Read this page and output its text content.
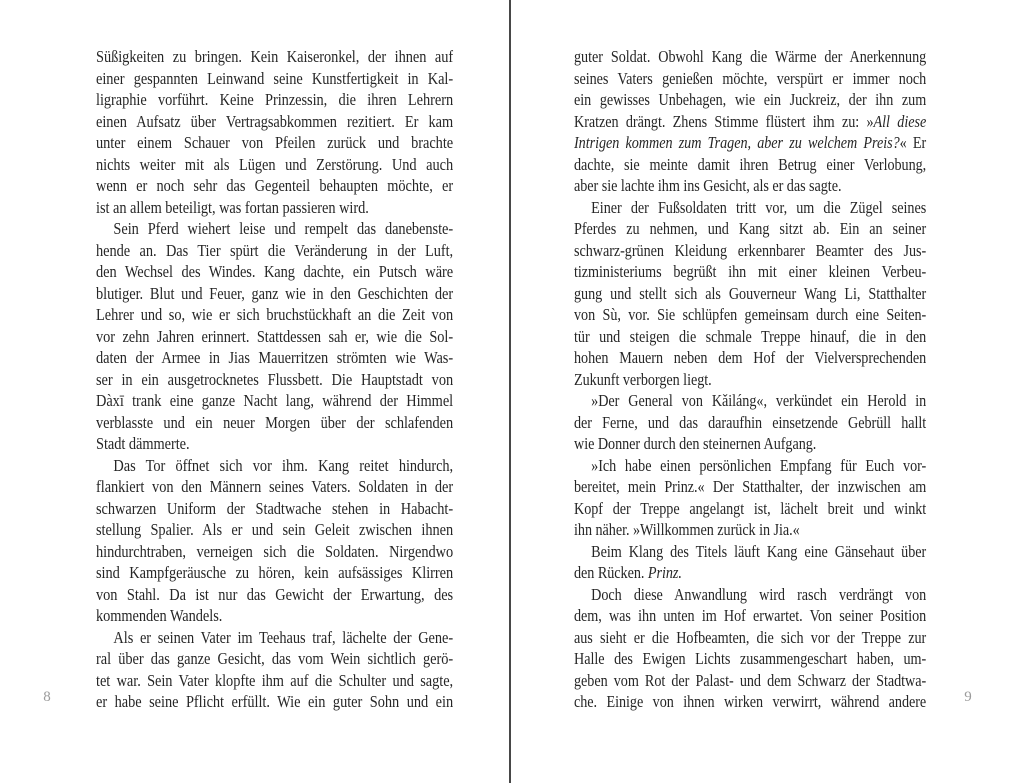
8
Süßigkeiten zu bringen. Kein Kaiseronkel, der ihnen auf
einer gespannten Leinwand seine Kunstfertigkeit in Kal-
ligraphie vorführt. Keine Prinzessin, die ihren Lehrern
einen Aufsatz über Vertragsabkommen rezitiert. Er kam
unter einem Schauer von Pfeilen zurück und brachte
nichts weiter mit als Lügen und Zerstörung. Und auch
wenn er noch sehr das Gegenteil behaupten möchte, er
ist an allem beteiligt, was fortan passieren wird.
Sein Pferd wiehert leise und rempelt das danebenste-
hende an. Das Tier spürt die Veränderung in der Luft,
den Wechsel des Windes. Kang dachte, ein Putsch wäre
blutiger. Blut und Feuer, ganz wie in den Geschichten der
Lehrer und so, wie er sich bruchstückhaft an die Zeit von
vor zehn Jahren erinnert. Stattdessen sah er, wie die Sol-
daten der Armee in Jias Mauerritzen strömten wie Was-
ser in ein ausgetrocknetes Flussbett. Die Hauptstadt von
Dàxī trank eine ganze Nacht lang, während der Himmel
verblasste und ein neuer Morgen über der schlafenden
Stadt dämmerte.
Das Tor öffnet sich vor ihm. Kang reitet hindurch,
flankiert von den Männern seines Vaters. Soldaten in der
schwarzen Uniform der Stadtwache stehen in Habacht-
stellung Spalier. Als er und sein Geleit zwischen ihnen
hindurchtraben, verneigen sich die Soldaten. Nirgendwo
sind Kampfgeräusche zu hören, kein aufsässiges Klirren
von Stahl. Da ist nur das Gewicht der Erwartung, des
kommenden Wandels.
Als er seinen Vater im Teehaus traf, lächelte der Gene-
ral über das ganze Gesicht, das vom Wein sichtlich gerö-
tet war. Sein Vater klopfte ihm auf die Schulter und sagte,
er habe seine Pflicht erfüllt. Wie ein guter Sohn und ein	9
guter Soldat. Obwohl Kang die Wärme der Anerkennung
seines Vaters genießen möchte, verspürt er immer noch
ein gewisses Unbehagen, wie ein Juckreiz, der ihn zum
Kratzen drängt. Zhens Stimme flüstert ihm zu: »All diese
Intrigen kommen zum Tragen, aber zu welchem Preis?« Er
dachte, sie meinte damit ihren Betrug einer Verlobung,
aber sie lachte ihm ins Gesicht, als er das sagte.
Einer der Fußsoldaten tritt vor, um die Zügel seines
Pferdes zu nehmen, und Kang sitzt ab. Ein an seiner
schwarz-grünen Kleidung erkennbarer Beamter des Jus-
tizministeriums begrüßt ihn mit einer kleinen Verbeu-
gung und stellt sich als Gouverneur Wang Li, Statthalter
von Sù, vor. Sie schlüpfen gemeinsam durch eine Seiten-
tür und steigen die schmale Treppe hinauf, die in den
hohen Mauern neben dem Hof der Vielversprechenden
Zukunft verborgen liegt.
»Der General von Kǎiláng«, verkündet ein Herold in
der Ferne, und das daraufhin einsetzende Gebrüll hallt
wie Donner durch den steinernen Aufgang.
»Ich habe einen persönlichen Empfang für Euch vor-
bereitet, mein Prinz.« Der Statthalter, der inzwischen am
Kopf der Treppe angelangt ist, lächelt breit und winkt
ihn näher. »Willkommen zurück in Jia.«
Beim Klang des Titels läuft Kang eine Gänsehaut über
den Rücken. Prinz.
Doch diese Anwandlung wird rasch verdrängt von
dem, was ihn unten im Hof erwartet. Von seiner Position
aus sieht er die Hofbeamten, die sich vor der Treppe zur
Halle des Ewigen Lichts zusammengeschart haben, um-
geben vom Rot der Palast- und dem Schwarz der Stadtwa-
che. Einige von ihnen wirken verwirrt, während andere
